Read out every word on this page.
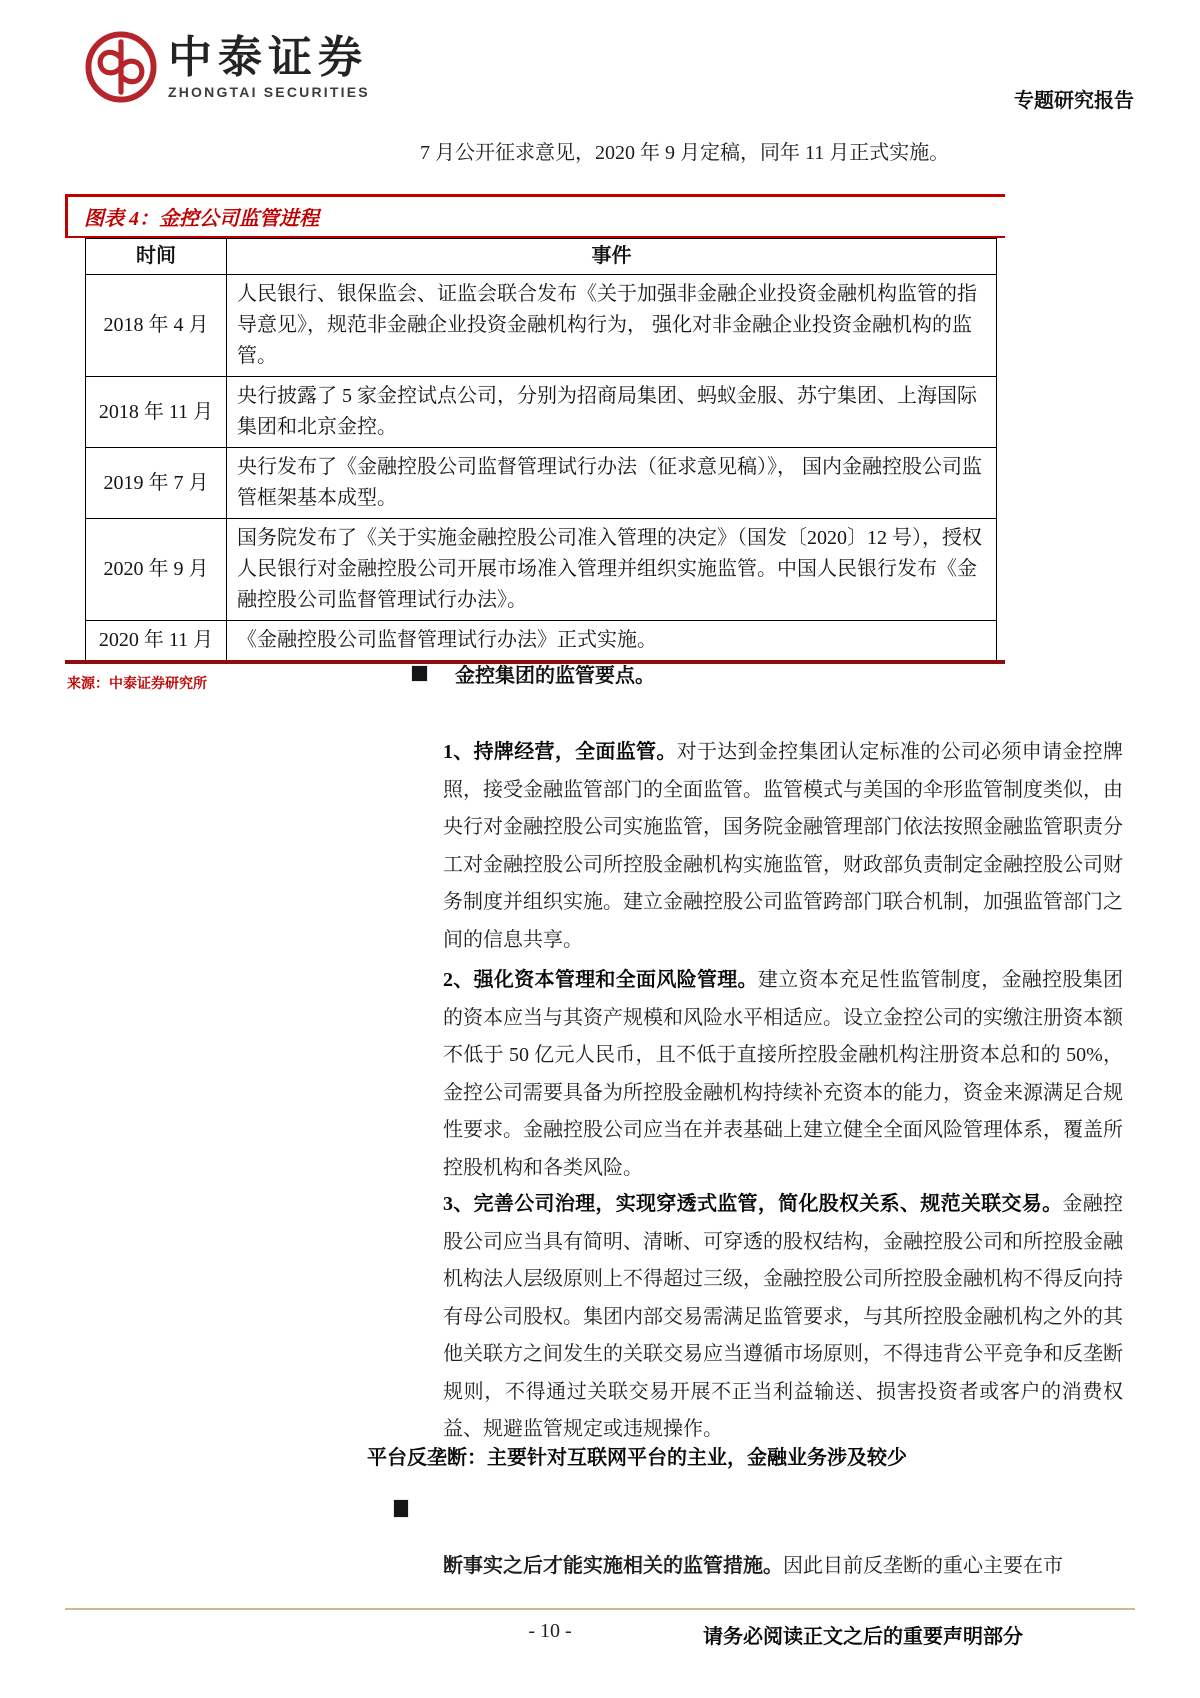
中泰证券
ZHONGTAI SECURITIES	专题研究报告
7 月公开征求意见，2020 年 9 月定稿，同年 11 月正式实施。
图表 4：金控公司监管进程
时间	事件
2018 年 4 月	人民银行、银保监会、证监会联合发布《关于加强非金融企业投资金融机构监管的指导意见》，规范非金融企业投资金融机构行为， 强化对非金融企业投资金融机构的监管。
2018 年 11 月	央行披露了 5 家金控试点公司，分别为招商局集团、蚂蚁金服、苏宁集团、上海国际集团和北京金控。
2019 年 7 月	央行发布了《金融控股公司监督管理试行办法（征求意见稿）》， 国内金融控股公司监管框架基本成型。
2020 年 9 月	国务院发布了《关于实施金融控股公司准入管理的决定》（国发〔2020〕12 号），授权人民银行对金融控股公司开展市场准入管理并组织实施监管。中国人民银行发布《金融控股公司监督管理试行办法》。
2020 年 11 月	《金融控股公司监督管理试行办法》正式实施。
来源：中泰证券研究所	金控集团的监管要点。

1、持牌经营，全面监管。对于达到金控集团认定标准的公司必须申请金控牌照，接受金融监管部门的全面监管。监管模式与美国的伞形监管制度类似，由央行对金融控股公司实施监管，国务院金融管理部门依法按照金融监管职责分工对金融控股公司所控股金融机构实施监管，财政部负责制定金融控股公司财务制度并组织实施。建立金融控股公司监管跨部门联合机制，加强监管部门之间的信息共享。

2、强化资本管理和全面风险管理。建立资本充足性监管制度，金融控股集团的资本应当与其资产规模和风险水平相适应。设立金控公司的实缴注册资本额不低于 50 亿元人民币，且不低于直接所控股金融机构注册资本总和的 50%，金控公司需要具备为所控股金融机构持续补充资本的能力，资金来源满足合规性要求。金融控股公司应当在并表基础上建立健全全面风险管理体系，覆盖所控股机构和各类风险。

3、完善公司治理，实现穿透式监管，简化股权关系、规范关联交易。金融控股公司应当具有简明、清晰、可穿透的股权结构，金融控股公司和所控股金融机构法人层级原则上不得超过三级，金融控股公司所控股金融机构不得反向持有母公司股权。集团内部交易需满足监管要求，与其所控股金融机构之外的其他关联方之间发生的关联交易应当遵循市场原则，不得违背公平竞争和反垄断规则，不得通过关联交易开展不正当利益输送、损害投资者或客户的消费权益、规避监管规定或违规操作。

平台反垄断：主要针对互联网平台的主业，金融业务涉及较少

断事实之后才能实施相关的监管措施。因此目前反垄断的重心主要在市

- 10 -	请务必阅读正文之后的重要声明部分
